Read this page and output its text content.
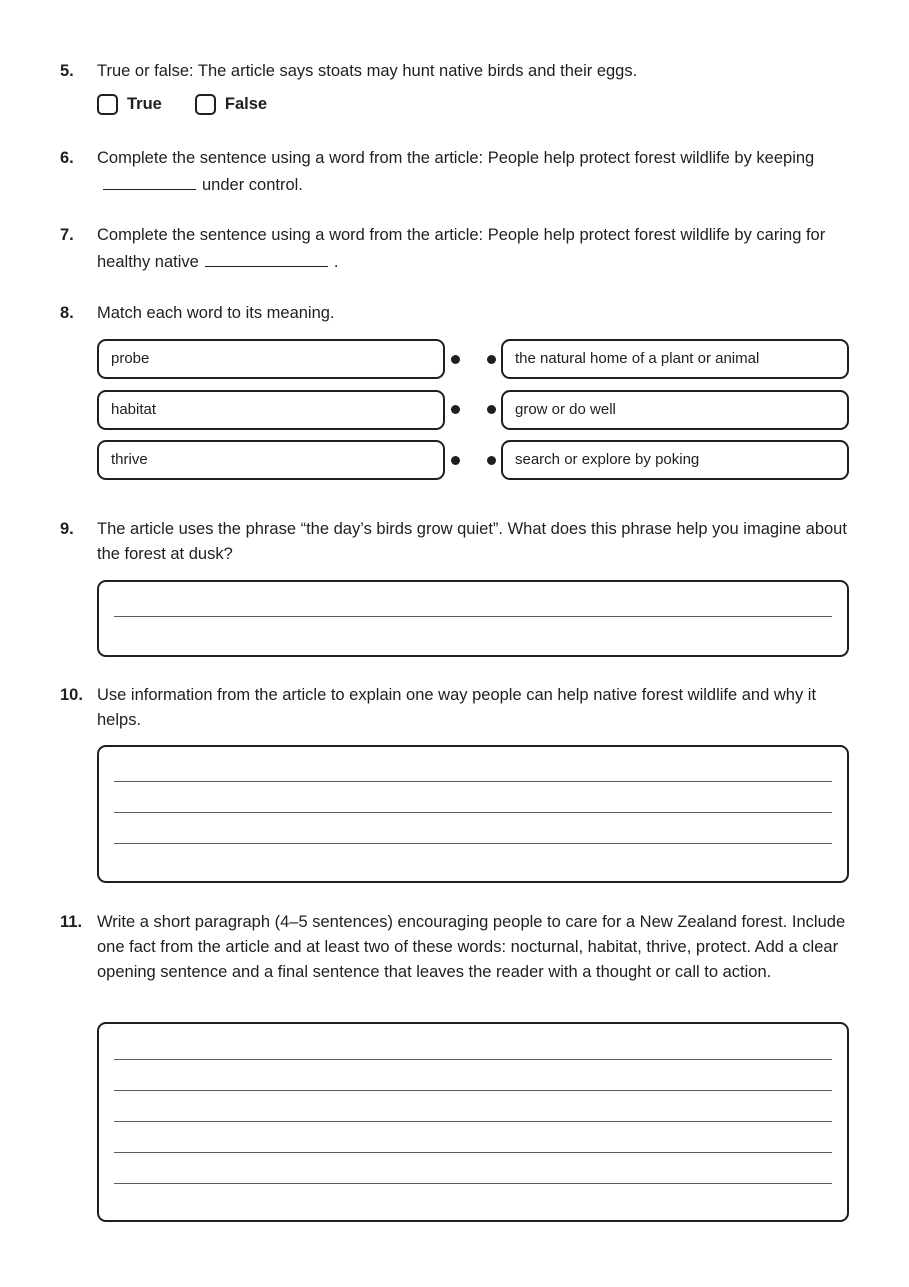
5. True or false: The article says stoats may hunt native birds and their eggs.
True	False
6. Complete the sentence using a word from the article: People help protect forest wildlife by keepingunder control.
7. Complete the sentence using a word from the article: People help protect forest wildlife by caring for healthy native	.
8. Match each word to its meaning.
probe	the natural home of a plant or animal
habitat	grow or do well
thrive	search or explore by poking
9. The article uses the phrase “the day’s birds grow quiet”. What does this phrase help you imagine about the forest at dusk?
10. Use information from the article to explain one way people can help native forest wildlife and why it helps.
11. Write a short paragraph (4–5 sentences) encouraging people to care for a New Zealand forest. Include one fact from the article and at least two of these words: nocturnal, habitat, thrive, protect. Add a clear opening sentence and a final sentence that leaves the reader with a thought or call to action.
